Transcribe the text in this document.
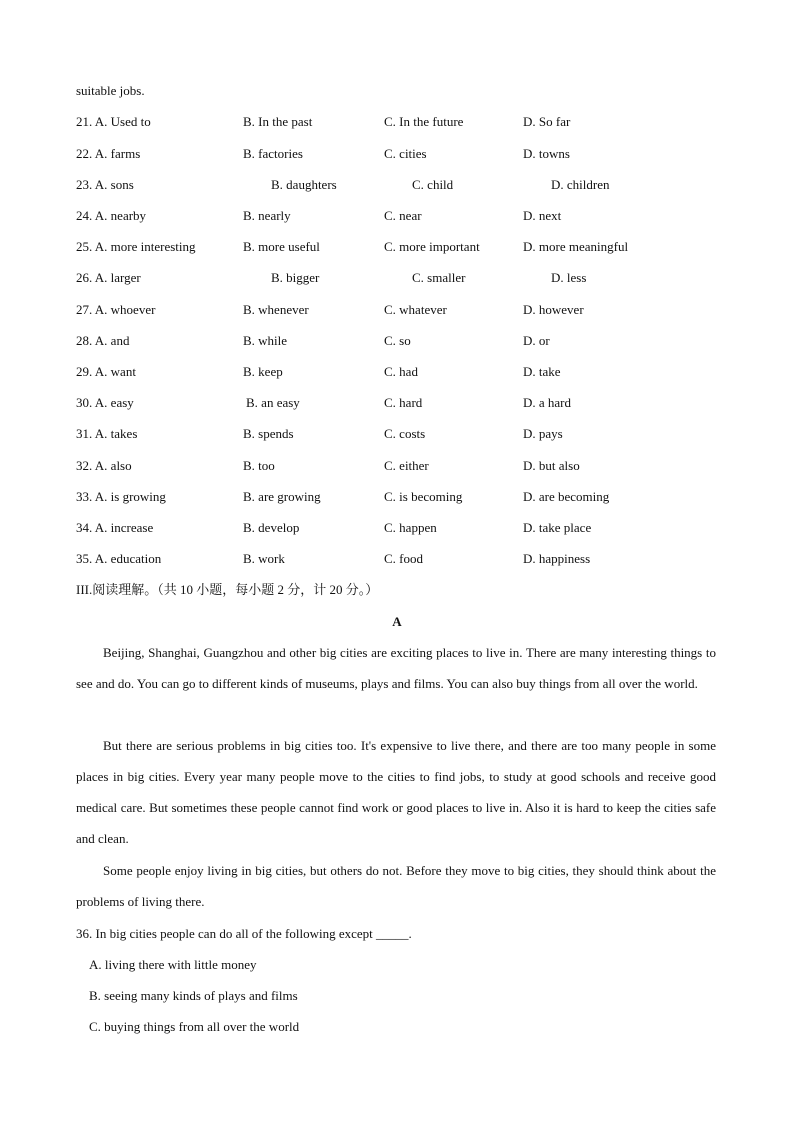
suitable jobs.
21. A. Used to	B. In the past	C. In the future	D. So far
22. A. farms	B. factories	C. cities	D. towns
23. A. sons	B. daughters	C. child	D. children
24. A. nearby	B. nearly	C. near	D. next
25. A. more interesting	B. more useful	C. more important	D. more meaningful
26. A. larger	B. bigger	C. smaller	D. less
27. A. whoever	B. whenever	C. whatever	D. however
28. A. and	B. while	C. so	D. or
29. A. want	B. keep	C. had	D. take
30. A. easy	B. an easy	C. hard	D. a hard
31. A. takes	B. spends	C. costs	D. pays
32. A. also	B. too	C. either	D. but also
33. A. is growing	B. are growing	C. is becoming	D. are becoming
34. A. increase	B. develop	C. happen	D. take place
35. A. education	B. work	C. food	D. happiness
III.阅读理解。（共 10 小题，每小题 2 分，计 20 分。）
A
Beijing, Shanghai, Guangzhou and other big cities are exciting places to live in. There are many interesting things to see and do. You can go to different kinds of museums, plays and films. You can also buy things from all over the world.
But there are serious problems in big cities too. It's expensive to live there, and there are too many people in some places in big cities. Every year many people move to the cities to find jobs, to study at good schools and receive good medical care. But sometimes these people cannot find work or good places to live in. Also it is hard to keep the cities safe and clean.
Some people enjoy living in big cities, but others do not. Before they move to big cities, they should think about the problems of living there.
36. In big cities people can do all of the following except _____.
A. living there with little money
B. seeing many kinds of plays and films
C. buying things from all over the world
